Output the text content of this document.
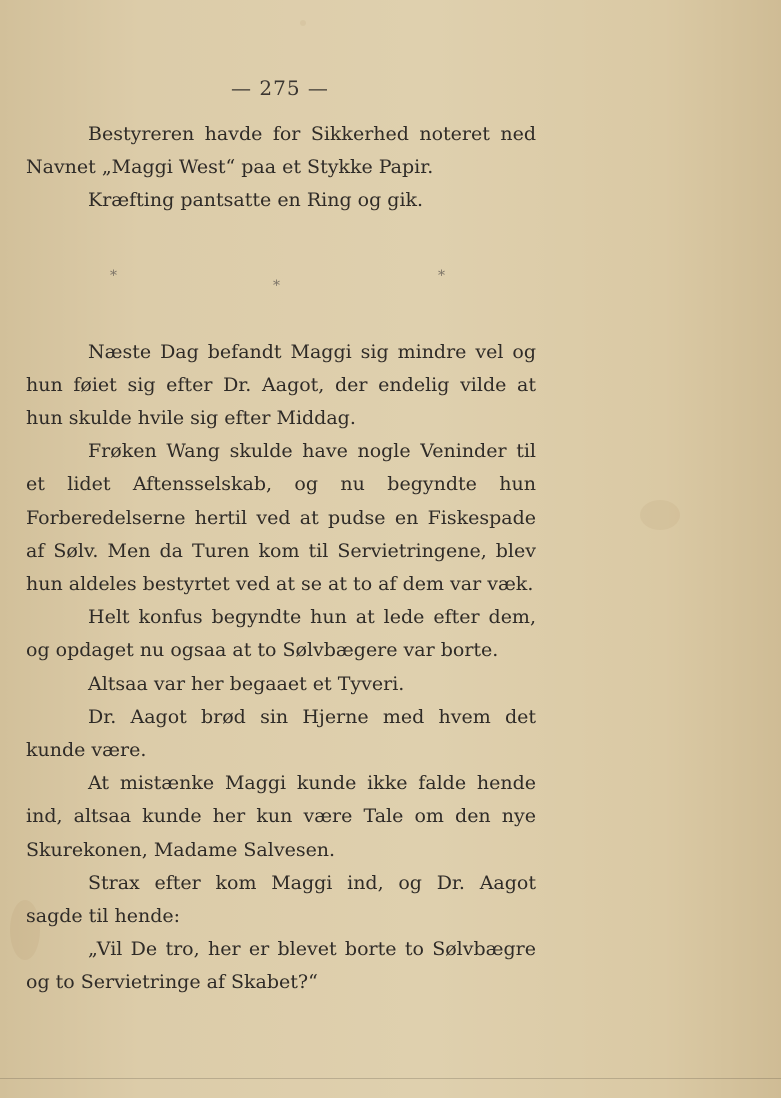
— 275 —

Bestyreren havde for Sikkerhed noteret ned Navnet „Maggi West“ paa et Stykke Papir.

Kræfting pantsatte en Ring og gik.

*
*
*

Næste Dag befandt Maggi sig mindre vel og hun føiet sig efter Dr. Aagot, der endelig vilde at hun skulde hvile sig efter Middag.

Frøken Wang skulde have nogle Veninder til et lidet Aftensselskab, og nu begyndte hun Forberedelserne hertil ved at pudse en Fiskespade af Sølv. Men da Turen kom til Servietringene, blev hun aldeles bestyrtet ved at se at to af dem var væk.

Helt konfus begyndte hun at lede efter dem, og opdaget nu ogsaa at to Sølvbægere var borte.

Altsaa var her begaaet et Tyveri.

Dr. Aagot brød sin Hjerne med hvem det kunde være.

At mistænke Maggi kunde ikke falde hende ind, altsaa kunde her kun være Tale om den nye Skurekonen, Madame Salvesen.

Strax efter kom Maggi ind, og Dr. Aagot sagde til hende:

„Vil De tro, her er blevet borte to Sølvbægre og to Servietringe af Skabet?“
